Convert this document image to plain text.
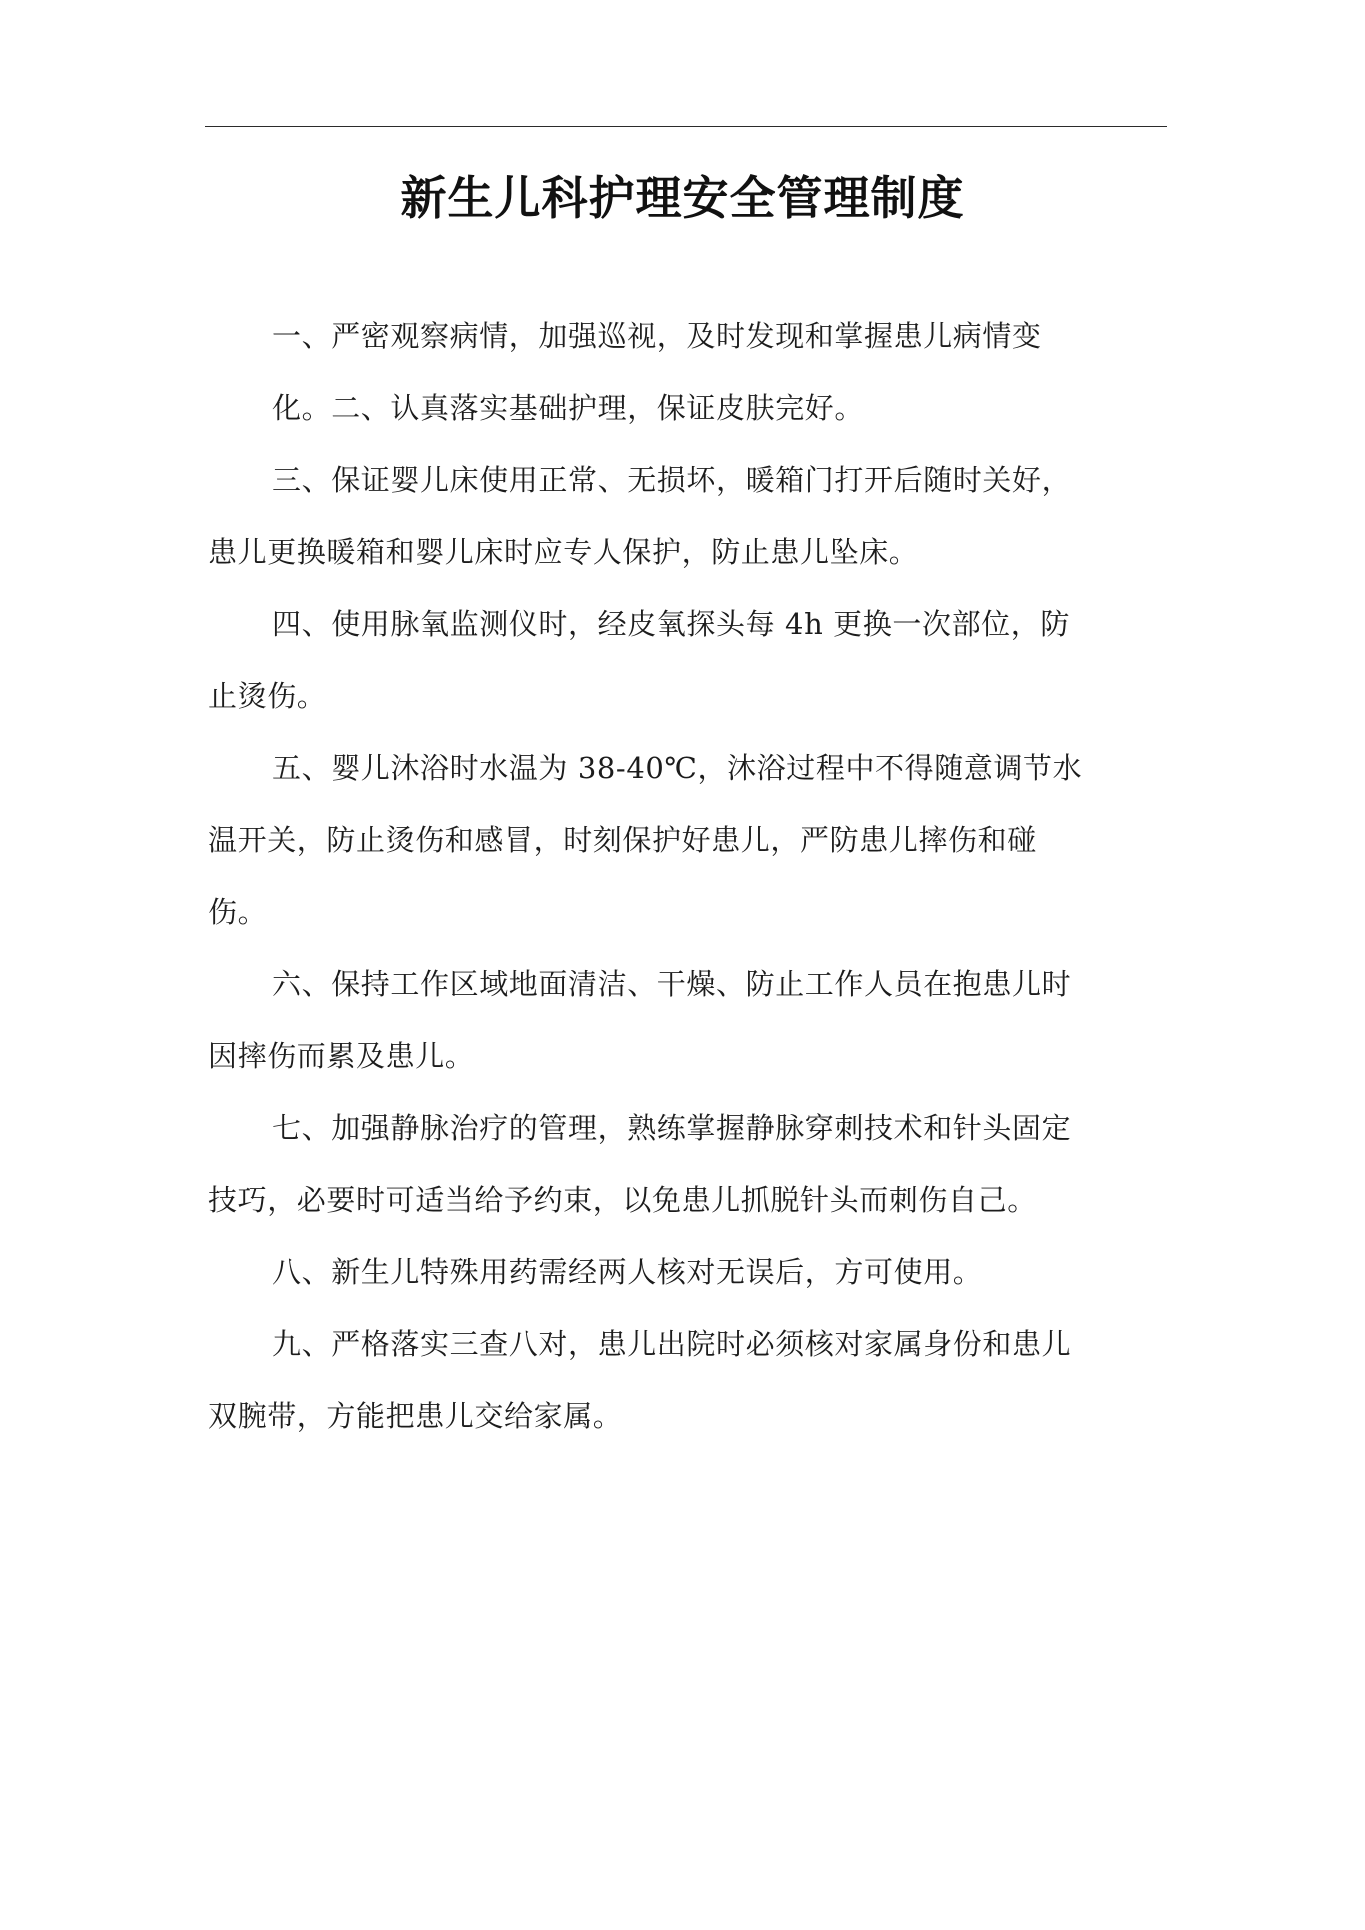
新生儿科护理安全管理制度
一、严密观察病情，加强巡视，及时发现和掌握患儿病情变
化。二、认真落实基础护理，保证皮肤完好。
三、保证婴儿床使用正常、无损坏，暖箱门打开后随时关好，
患儿更换暖箱和婴儿床时应专人保护，防止患儿坠床。
四、使用脉氧监测仪时，经皮氧探头每 4h 更换一次部位，防
止烫伤。
五、婴儿沐浴时水温为 38-40℃，沐浴过程中不得随意调节水
温开关，防止烫伤和感冒，时刻保护好患儿，严防患儿摔伤和碰
伤。
六、保持工作区域地面清洁、干燥、防止工作人员在抱患儿时
因摔伤而累及患儿。
七、加强静脉治疗的管理，熟练掌握静脉穿刺技术和针头固定
技巧，必要时可适当给予约束，以免患儿抓脱针头而刺伤自己。
八、新生儿特殊用药需经两人核对无误后，方可使用。
九、严格落实三查八对，患儿出院时必须核对家属身份和患儿
双腕带，方能把患儿交给家属。
